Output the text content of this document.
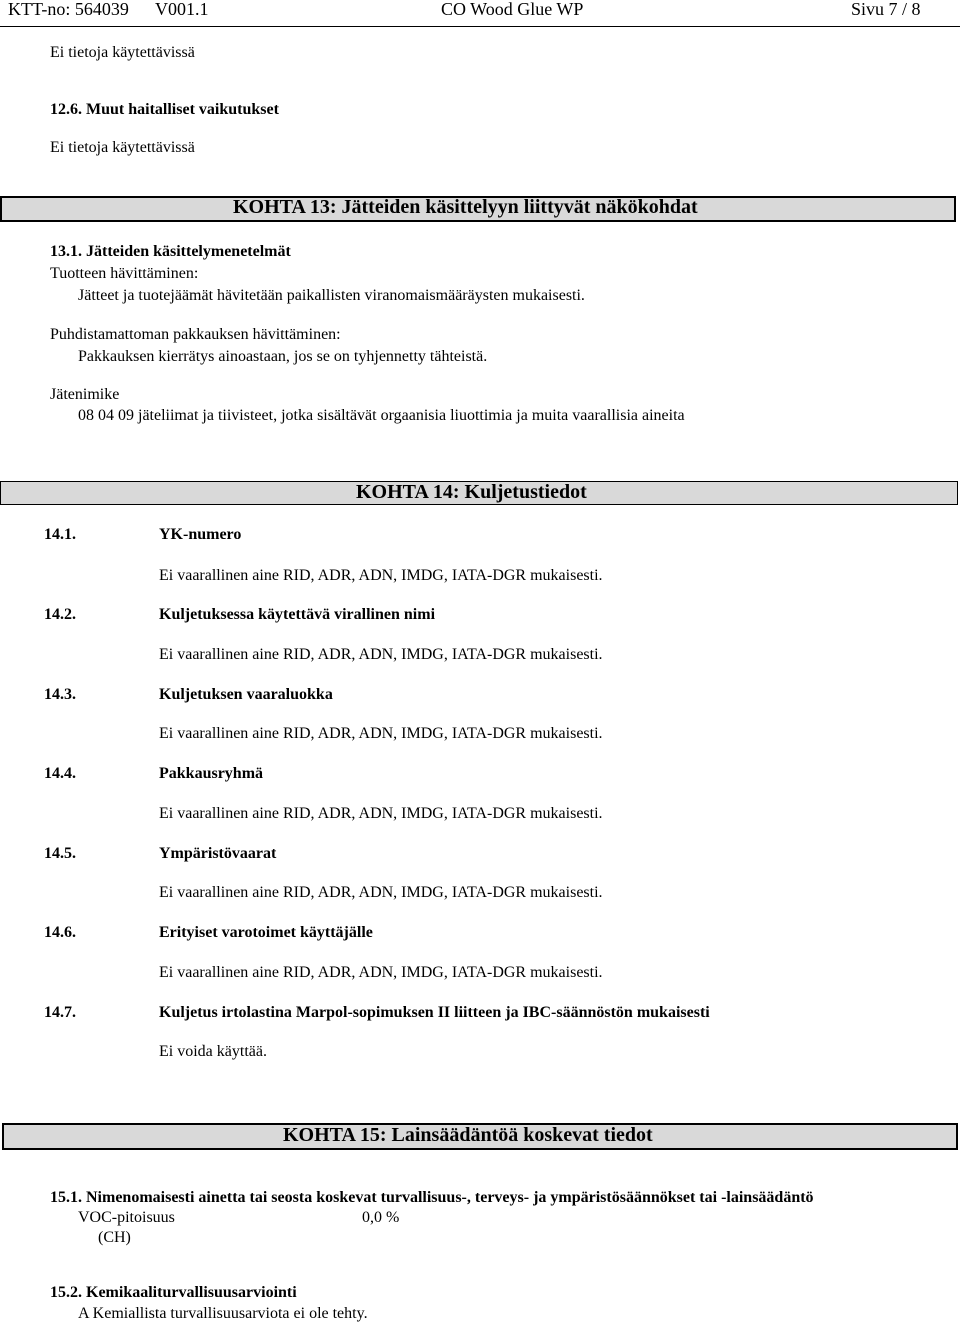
KTT-no: 564039 V001.1	CO Wood Glue WP	Sivu 7 / 8
Ei tietoja käytettävissä
12.6. Muut haitalliset vaikutukset
Ei tietoja käytettävissä
KOHTA 13: Jätteiden käsittelyyn liittyvät näkökohdat
13.1. Jätteiden käsittelymenetelmät
Tuotteen hävittäminen:
Jätteet ja tuotejäämät hävitetään paikallisten viranomaismääräysten mukaisesti.
Puhdistamattoman pakkauksen hävittäminen:
Pakkauksen kierrätys ainoastaan, jos se on tyhjennetty tähteistä.
Jätenimike
08 04 09 jäteliimat ja tiivisteet, jotka sisältävät orgaanisia liuottimia ja muita vaarallisia aineita
KOHTA 14: Kuljetustiedot
14.1.	YK-numero
Ei vaarallinen aine RID, ADR, ADN, IMDG, IATA-DGR mukaisesti.
14.2.	Kuljetuksessa käytettävä virallinen nimi
Ei vaarallinen aine RID, ADR, ADN, IMDG, IATA-DGR mukaisesti.
14.3.	Kuljetuksen vaaraluokka
Ei vaarallinen aine RID, ADR, ADN, IMDG, IATA-DGR mukaisesti.
14.4.	Pakkausryhmä
Ei vaarallinen aine RID, ADR, ADN, IMDG, IATA-DGR mukaisesti.
14.5.	Ympäristövaarat
Ei vaarallinen aine RID, ADR, ADN, IMDG, IATA-DGR mukaisesti.
14.6.	Erityiset varotoimet käyttäjälle
Ei vaarallinen aine RID, ADR, ADN, IMDG, IATA-DGR mukaisesti.
14.7.	Kuljetus irtolastina Marpol-sopimuksen II liitteen ja IBC-säännöstön mukaisesti
Ei voida käyttää.
KOHTA 15: Lainsäädäntöä koskevat tiedot
15.1. Nimenomaisesti ainetta tai seosta koskevat turvallisuus-, terveys- ja ympäristösäännökset tai -lainsäädäntö
VOC-pitoisuus	0,0 %
(CH)
15.2. Kemikaaliturvallisuusarviointi
A Kemiallista turvallisuusarviota ei ole tehty.
